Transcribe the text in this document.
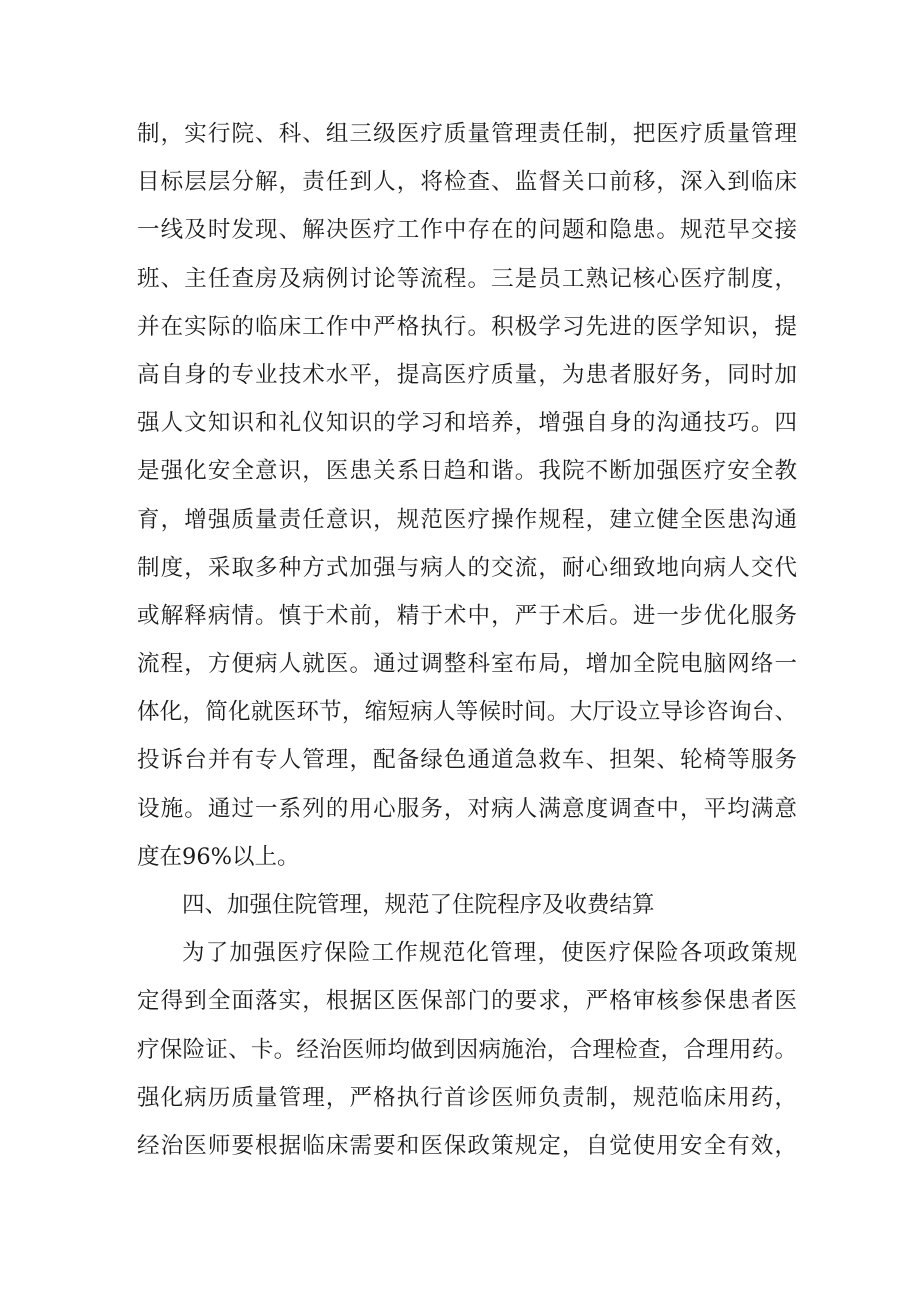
制，实行院、科、组三级医疗质量管理责任制，把医疗质量管理
目标层层分解，责任到人，将检查、监督关口前移，深入到临床
一线及时发现、解决医疗工作中存在的问题和隐患。规范早交接
班、主任查房及病例讨论等流程。三是员工熟记核心医疗制度，
并在实际的临床工作中严格执行。积极学习先进的医学知识，提
高自身的专业技术水平，提高医疗质量，为患者服好务，同时加
强人文知识和礼仪知识的学习和培养，增强自身的沟通技巧。四
是强化安全意识，医患关系日趋和谐。我院不断加强医疗安全教
育，增强质量责任意识，规范医疗操作规程，建立健全医患沟通
制度，采取多种方式加强与病人的交流，耐心细致地向病人交代
或解释病情。慎于术前，精于术中，严于术后。进一步优化服务
流程，方便病人就医。通过调整科室布局，增加全院电脑网络一
体化，简化就医环节，缩短病人等候时间。大厅设立导诊咨询台、
投诉台并有专人管理，配备绿色通道急救车、担架、轮椅等服务
设施。通过一系列的用心服务，对病人满意度调查中，平均满意
度在96%以上。
四、加强住院管理，规范了住院程序及收费结算
为了加强医疗保险工作规范化管理，使医疗保险各项政策规
定得到全面落实，根据区医保部门的要求，严格审核参保患者医
疗保险证、卡。经治医师均做到因病施治，合理检查，合理用药。
强化病历质量管理，严格执行首诊医师负责制，规范临床用药，
经治医师要根据临床需要和医保政策规定，自觉使用安全有效，
